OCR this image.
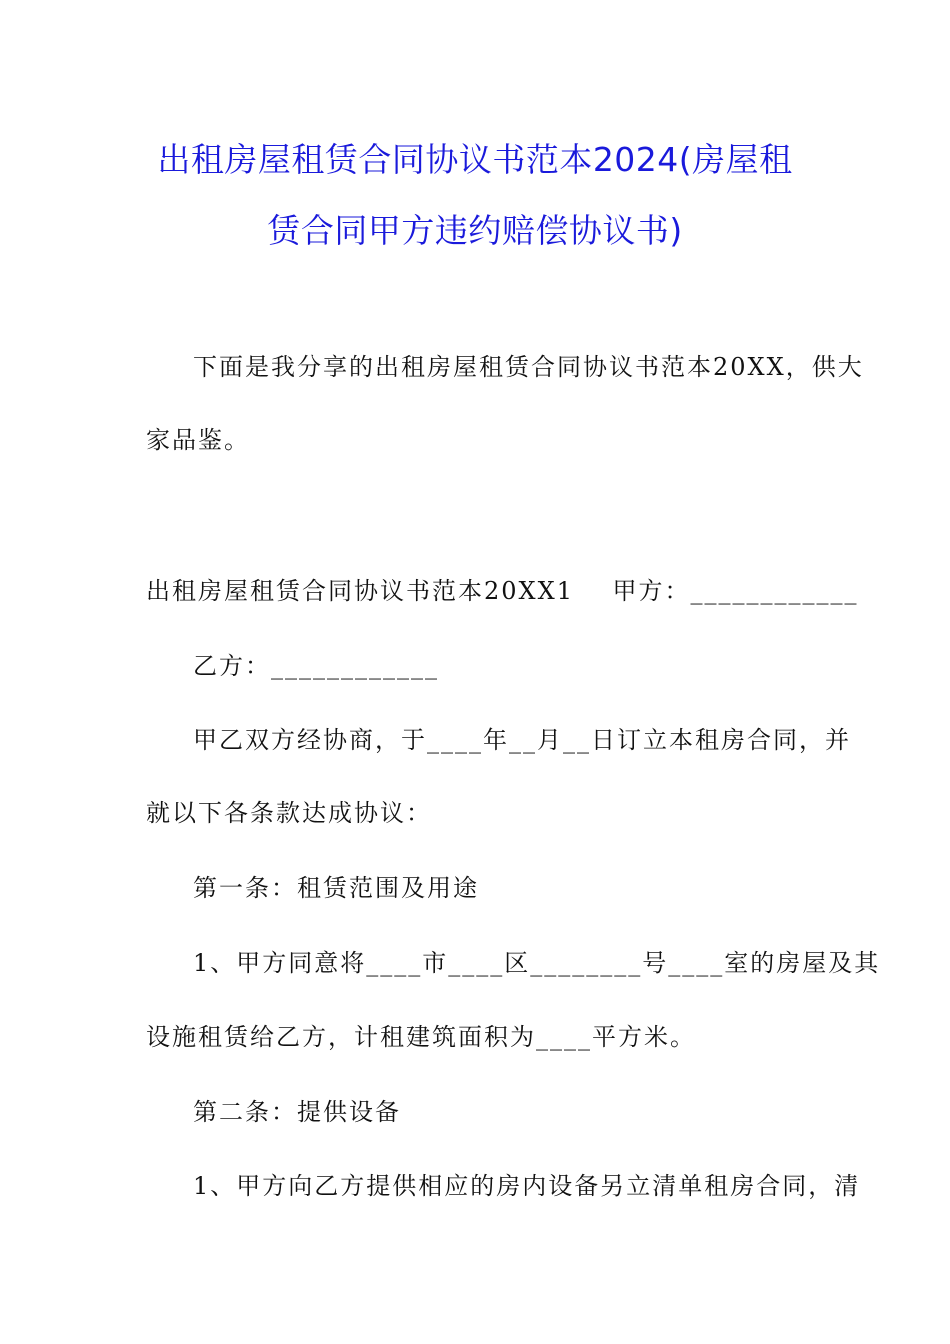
出租房屋租赁合同协议书范本2024(房屋租
赁合同甲方违约赔偿协议书)
下面是我分享的出租房屋租赁合同协议书范本20XX，供大
家品鉴。
出租房屋租赁合同协议书范本20XX1    甲方：____________
乙方：____________
甲乙双方经协商，于____年__月__日订立本租房合同，并
就以下各条款达成协议：
第一条：租赁范围及用途
1、甲方同意将____市____区________号____室的房屋及其
设施租赁给乙方，计租建筑面积为____平方米。
第二条：提供设备
1、甲方向乙方提供相应的房内设备另立清单租房合同，清
